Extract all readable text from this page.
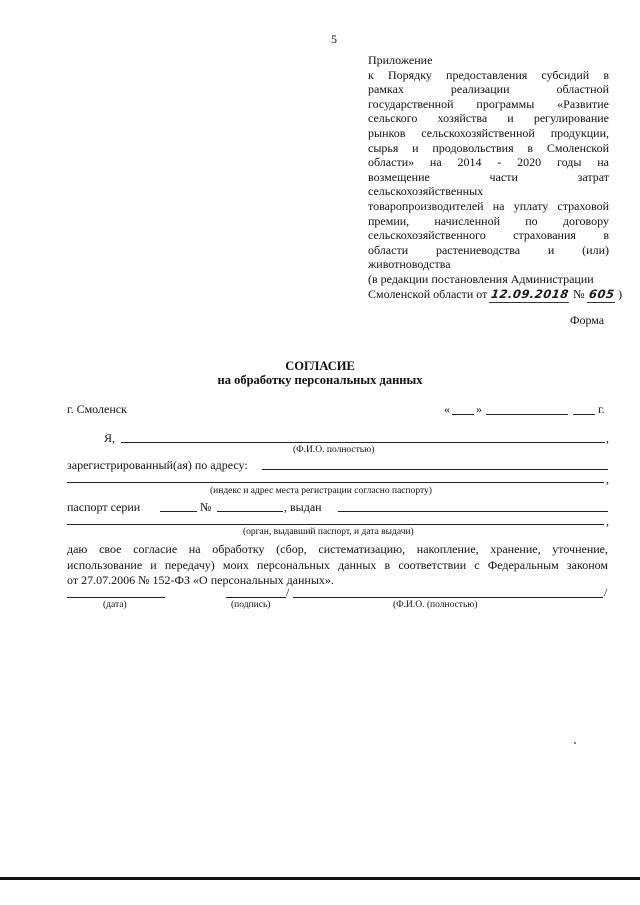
5
Приложение
к Порядку предоставления субсидий в
рамках реализации областной
государственной программы «Развитие
сельского хозяйства и регулирование
рынков сельскохозяйственной продукции,
сырья и продовольствия в Смоленской
области» на 2014 - 2020 годы на
возмещение части затрат
сельскохозяйственных
товаропроизводителей на уплату страховой
премии, начисленной по договору
сельскохозяйственного страхования в
области растениеводства и (или)
животноводства
(в редакции постановления Администрации
Смоленской области от 12.09.2018 № 605 )
Форма
СОГЛАСИЕ
на обработку персональных данных
г. Смоленск	« »	г.
Я,	,
(Ф.И.О. полностью)
зарегистрированный(ая) по адресу:
,
(индекс и адрес места регистрации согласно паспорту)
паспорт серии	№	, выдан
,
(орган, выдавший паспорт, и дата выдачи)
даю свое согласие на обработку (сбор, систематизацию, накопление, хранение, уточнение,
использование и передачу) моих персональных данных в соответствии с Федеральным законом
от 27.07.2006 № 152-ФЗ «О персональных данных».
/	/
(дата)	(подпись)	(Ф.И.О. (полностью)
